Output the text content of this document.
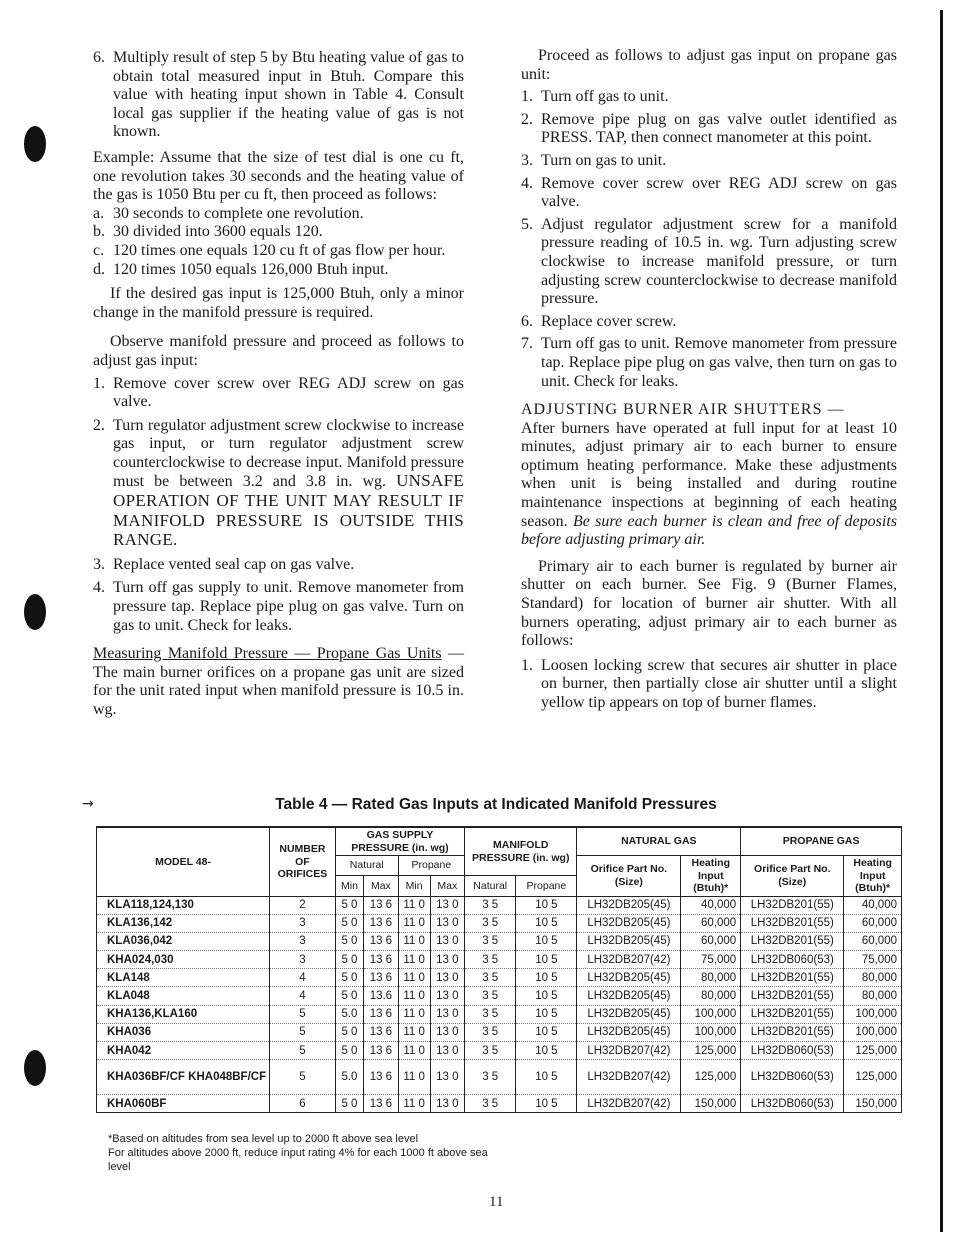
6. Multiply result of step 5 by Btu heating value of gas to obtain total measured input in Btuh. Compare this value with heating input shown in Table 4. Consult local gas supplier if the heating value of gas is not known.

Example: Assume that the size of test dial is one cu ft, one revolution takes 30 seconds and the heating value of the gas is 1050 Btu per cu ft, then proceed as follows:

a. 30 seconds to complete one revolution.
b. 30 divided into 3600 equals 120.
c. 120 times one equals 120 cu ft of gas flow per hour.
d. 120 times 1050 equals 126,000 Btuh input.

If the desired gas input is 125,000 Btuh, only a minor change in the manifold pressure is required.

Observe manifold pressure and proceed as follows to adjust gas input:

1. Remove cover screw over REG ADJ screw on gas valve.
2. Turn regulator adjustment screw clockwise to increase gas input, or turn regulator adjustment screw counterclockwise to decrease input. Manifold pressure must be between 3.2 and 3.8 in. wg. UNSAFE OPERATION OF THE UNIT MAY RESULT IF MANIFOLD PRESSURE IS OUTSIDE THIS RANGE.
3. Replace vented seal cap on gas valve.
4. Turn off gas supply to unit. Remove manometer from pressure tap. Replace pipe plug on gas valve. Turn on gas to unit. Check for leaks.

Measuring Manifold Pressure — Propane Gas Units — The main burner orifices on a propane gas unit are sized for the unit rated input when manifold pressure is 10.5 in. wg.

Proceed as follows to adjust gas input on propane gas unit:

1. Turn off gas to unit.
2. Remove pipe plug on gas valve outlet identified as PRESS. TAP, then connect manometer at this point.
3. Turn on gas to unit.
4. Remove cover screw over REG ADJ screw on gas valve.
5. Adjust regulator adjustment screw for a manifold pressure reading of 10.5 in. wg. Turn adjusting screw clockwise to increase manifold pressure, or turn adjusting screw counterclockwise to decrease manifold pressure.
6. Replace cover screw.
7. Turn off gas to unit. Remove manometer from pressure tap. Replace pipe plug on gas valve, then turn on gas to unit. Check for leaks.

ADJUSTING BURNER AIR SHUTTERS —
After burners have operated at full input for at least 10 minutes, adjust primary air to each burner to ensure optimum heating performance. Make these adjustments when unit is being installed and during routine maintenance inspections at beginning of each heating season. Be sure each burner is clean and free of deposits before adjusting primary air.

Primary air to each burner is regulated by burner air shutter on each burner. See Fig. 9 (Burner Flames, Standard) for location of burner air shutter. With all burners operating, adjust primary air to each burner as follows:

1. Loosen locking screw that secures air shutter in place on burner, then partially close air shutter until a slight yellow tip appears on top of burner flames.
→	Table 4 — Rated Gas Inputs at Indicated Manifold Pressures
MODEL 48-	NUMBER OF ORIFICES	GAS SUPPLY PRESSURE (in. wg)				MANIFOLD PRESSURE (in. wg)		NATURAL GAS		PROPANE GAS	
		Natural		Propane				Orifice Part No. (Size)	Heating Input (Btuh)*	Orifice Part No. (Size)	Heating Input (Btuh)*
		Min	Max	Min	Max	Natural	Propane				
KLA118,124,130	2	5 0	13 6	11 0	13 0	3 5	10 5	LH32DB205(45)	40,000	LH32DB201(55)	40,000
KLA136,142	3	5 0	13 6	11 0	13 0	3 5	10 5	LH32DB205(45)	60,000	LH32DB201(55)	60,000
KLA036,042	3	5 0	13 6	11 0	13 0	3 5	10 5	LH32DB205(45)	60,000	LH32DB201(55)	60,000
KHA024,030	3	5 0	13 6	11 0	13 0	3 5	10 5	LH32DB207(42)	75,000	LH32DB060(53)	75,000
KLA148	4	5 0	13 6	11 0	13 0	3 5	10 5	LH32DB205(45)	80,000	LH32DB201(55)	80,000
KLA048	4	5 0	13.6	11 0	13 0	3 5	10 5	LH32DB205(45)	80,000	LH32DB201(55)	80,000
KHA136,KLA160	5	5.0	13 6	11 0	13 0	3 5	10 5	LH32DB205(45)	100,000	LH32DB201(55)	100,000
KHA036	5	5 0	13 6	11 0	13 0	3 5	10 5	LH32DB205(45)	100,000	LH32DB201(55)	100,000
KHA042	5	5 0	13 6	11 0	13 0	3 5	10 5	LH32DB207(42)	125,000	LH32DB060(53)	125,000
KHA036BF/CF KHA048BF/CF	5	5.0	13 6	11 0	13 0	3 5	10 5	LH32DB207(42)	125,000	LH32DB060(53)	125,000
KHA060BF	6	5 0	13 6	11 0	13 0	3 5	10 5	LH32DB207(42)	150,000	LH32DB060(53)	150,000

*Based on altitudes from sea level up to 2000 ft above sea level

For altitudes above 2000 ft, reduce input rating 4% for each 1000 ft above sea level

11
